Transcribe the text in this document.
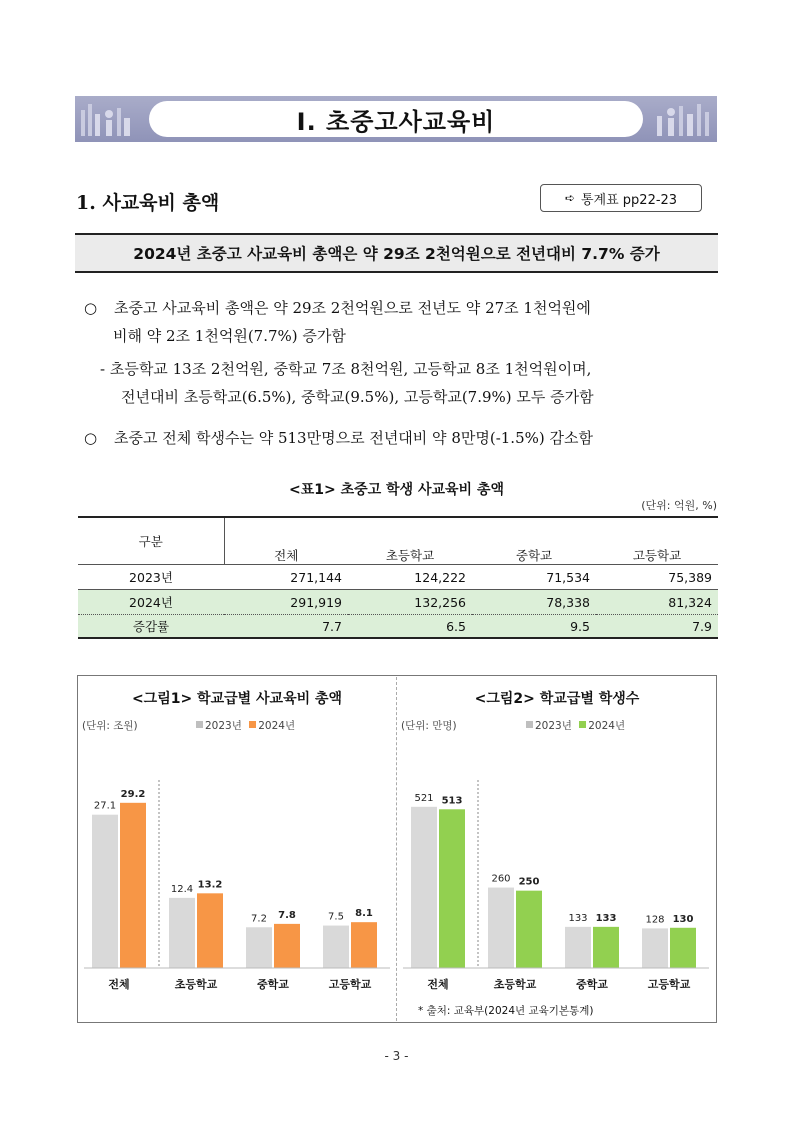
Ⅰ. 초중고사교육비
1. 사교육비 총액	➪ 통계표 pp22-23
2024년 초중고 사교육비 총액은 약 29조 2천억원으로 전년대비 7.7% 증가
○ 초중고 사교육비 총액은 약 29조 2천억원으로 전년도 약 27조 1천억원에
비해 약 2조 1천억원(7.7%) 증가함
- 초등학교 13조 2천억원, 중학교 7조 8천억원, 고등학교 8조 1천억원이며,
전년대비 초등학교(6.5%), 중학교(9.5%), 고등학교(7.9%) 모두 증가함
○ 초중고 전체 학생수는 약 513만명으로 전년대비 약 8만명(-1.5%) 감소함
<표1> 초중고 학생 사교육비 총액
(단위: 억원, %)
구분	전체	초등학교	중학교	고등학교
2023년	271,144	124,222	71,534	75,389
2024년	291,919	132,256	78,338	81,324
증감률	7.7	6.5	9.5	7.9
<그림1> 학교급별 사교육비 총액	<그림2> 학교급별 학생수
(단위: 조원)	2023년 2024년	(단위: 만명)	2023년 2024년
27.1
29.2
전체
12.4 13.2
초등학교
7.2 7.8
중학교
7.5 8.1
고등학교
521 513
전체
260 250
초등학교
133 133
중학교
128 130
고등학교
* 출처: 교육부(2024년 교육기본통계)
- 3 -
